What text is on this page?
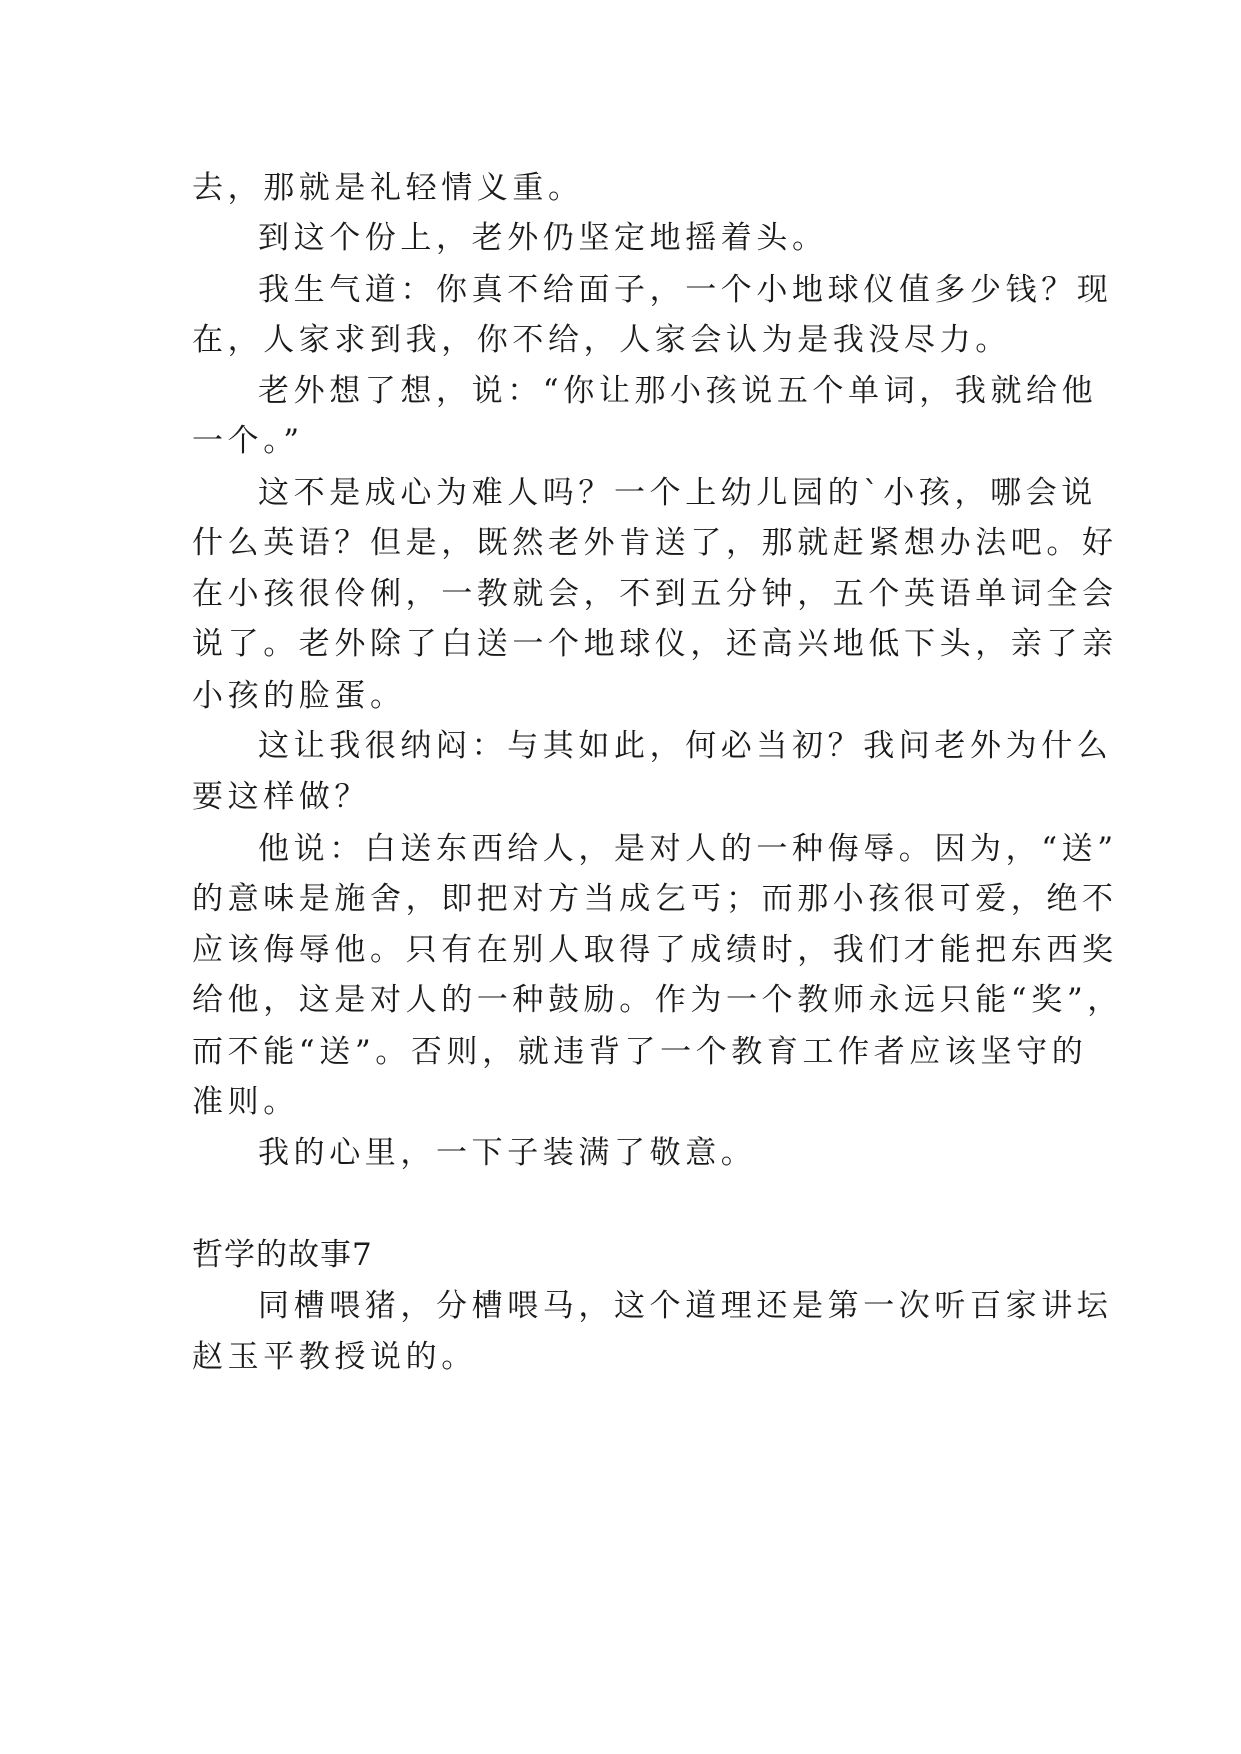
去，那就是礼轻情义重。
到这个份上，老外仍坚定地摇着头。
我生气道：你真不给面子，一个小地球仪值多少钱？现
在，人家求到我，你不给，人家会认为是我没尽力。
老外想了想，说：“你让那小孩说五个单词，我就给他
一个。”
这不是成心为难人吗？一个上幼儿园的`小孩，哪会说
什么英语？但是，既然老外肯送了，那就赶紧想办法吧。好
在小孩很伶俐，一教就会，不到五分钟，五个英语单词全会
说了。老外除了白送一个地球仪，还高兴地低下头，亲了亲
小孩的脸蛋。
这让我很纳闷：与其如此，何必当初？我问老外为什么
要这样做？
他说：白送东西给人，是对人的一种侮辱。因为，“送”
的意味是施舍，即把对方当成乞丐；而那小孩很可爱，绝不
应该侮辱他。只有在别人取得了成绩时，我们才能把东西奖
给他，这是对人的一种鼓励。作为一个教师永远只能“奖”，
而不能“送”。否则，就违背了一个教育工作者应该坚守的
准则。
我的心里，一下子装满了敬意。
哲学的故事7
同槽喂猪，分槽喂马，这个道理还是第一次听百家讲坛
赵玉平教授说的。
